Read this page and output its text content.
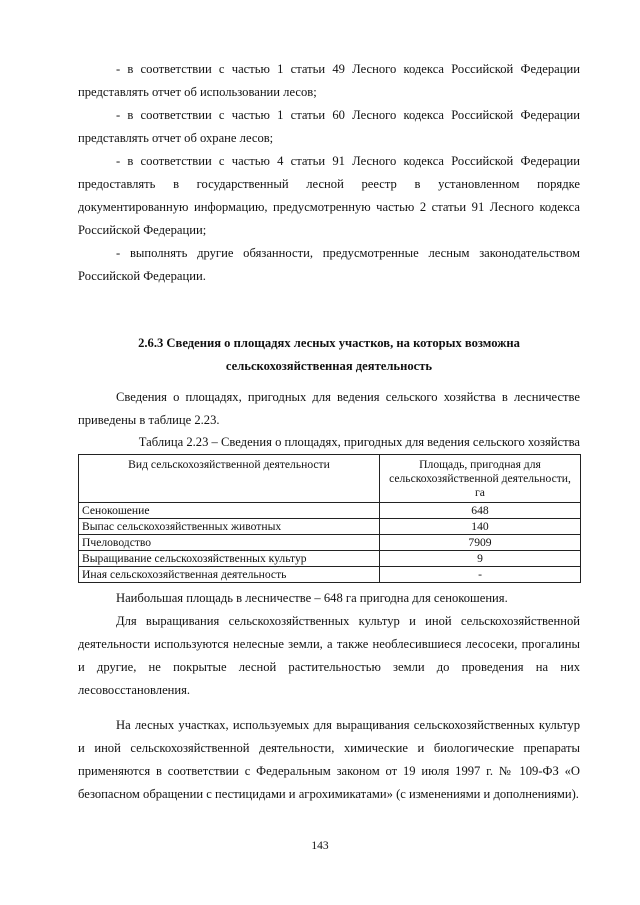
- в соответствии с частью 1 статьи 49 Лесного кодекса Российской Федерации представлять отчет об использовании лесов;

- в соответствии с частью 1 статьи 60 Лесного кодекса Российской Федерации представлять отчет об охране лесов;

- в соответствии с частью 4 статьи 91 Лесного кодекса Российской Федерации предоставлять в государственный лесной реестр в установленном порядке документированную информацию, предусмотренную частью 2 статьи 91 Лесного кодекса Российской Федерации;

- выполнять другие обязанности, предусмотренные лесным законодательством Российской Федерации.

2.6.3 Сведения о площадях лесных участков, на которых возможна сельскохозяйственная деятельность

Сведения о площадях, пригодных для ведения сельского хозяйства в лесничестве приведены в таблице 2.23.

Таблица 2.23 – Сведения о площадях, пригодных для ведения сельского хозяйства
Вид сельскохозяйственной деятельности	Площадь, пригодная для сельскохозяйственной деятельности, га
Сенокошение	648
Выпас сельскохозяйственных животных	140
Пчеловодство	7909
Выращивание сельскохозяйственных культур	9
Иная сельскохозяйственная деятельность	-

Наибольшая площадь в лесничестве – 648 га пригодна для сенокошения.

Для выращивания сельскохозяйственных культур и иной сельскохозяйственной деятельности используются нелесные земли, а также необлесившиеся лесосеки, прогалины и другие, не покрытые лесной растительностью земли до проведения на них лесовосстановления.

На лесных участках, используемых для выращивания сельскохозяйственных культур и иной сельскохозяйственной деятельности, химические и биологические препараты применяются в соответствии с Федеральным законом от 19 июля 1997 г. № 109-ФЗ «О безопасном обращении с пестицидами и агрохимикатами» (с изменениями и дополнениями).

143
